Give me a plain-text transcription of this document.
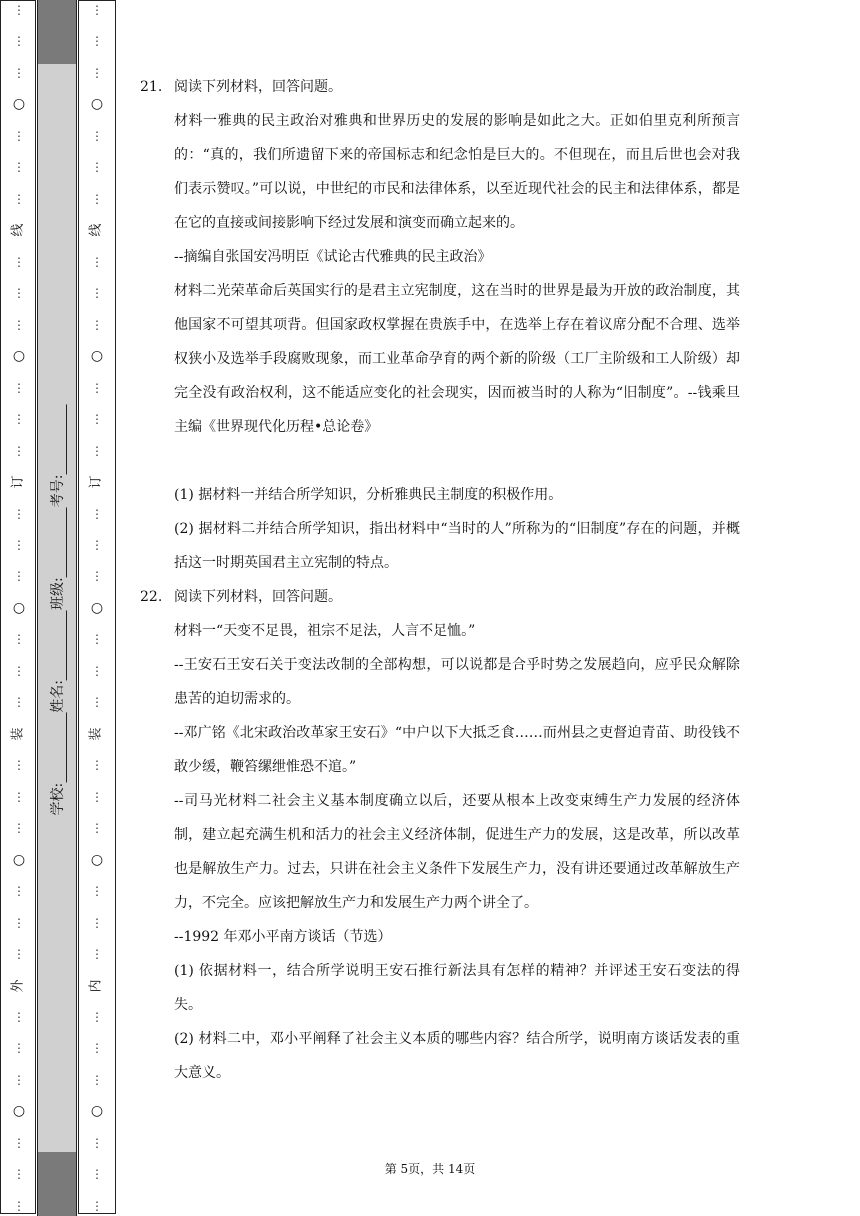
⋮
⋮
⋮
○
⋮
⋮
⋮
线
⋮
⋮
⋮
○
⋮
⋮
⋮
订
⋮
⋮
⋮
○
⋮
⋮
⋮
装
⋮
⋮
⋮
○
⋮
⋮
⋮
外
⋮
⋮
⋮
○
⋮
⋮
⋮
⋮
⋮
⋮
○
⋮
⋮
⋮
线
⋮
⋮
⋮
○
⋮
⋮
⋮
订
⋮
⋮
⋮
○
⋮
⋮
⋮
装
⋮
⋮
⋮
○
⋮
⋮
⋮
内
⋮
⋮
⋮
○
⋮
⋮
⋮
学校:
姓名:
班级:
考号:
21. 阅读下列材料，回答问题。
材料一雅典的民主政治对雅典和世界历史的发展的影响是如此之大。正如伯里克利所预言的：“真的，我们所遗留下来的帝国标志和纪念怕是巨大的。不但现在，而且后世也会对我们表示赞叹。”可以说，中世纪的市民和法律体系，以至近现代社会的民主和法律体系，都是在它的直接或间接影响下经过发展和演变而确立起来的。
--摘编自张国安冯明臣《试论古代雅典的民主政治》
材料二光荣革命后英国实行的是君主立宪制度，这在当时的世界是最为开放的政治制度，其他国家不可望其项背。但国家政权掌握在贵族手中，在选举上存在着议席分配不合理、选举权狭小及选举手段腐败现象，而工业革命孕育的两个新的阶级（工厂主阶级和工人阶级）却完全没有政治权利，这不能适应变化的社会现实，因而被当时的人称为“旧制度”。--钱乘旦主编《世界现代化历程•总论卷》
(1) 据材料一并结合所学知识，分析雅典民主制度的积极作用。
(2) 据材料二并结合所学知识，指出材料中“当时的人”所称为的“旧制度”存在的问题，并概括这一时期英国君主立宪制的特点。
22. 阅读下列材料，回答问题。
材料一“天变不足畏，祖宗不足法，人言不足恤。”
--王安石王安石关于变法改制的全部构想，可以说都是合乎时势之发展趋向，应乎民众解除患苦的迫切需求的。
--邓广铭《北宋政治改革家王安石》“中户以下大抵乏食……而州县之吏督迫青苗、助役钱不敢少缓，鞭笞缧绁惟恐不逭。”
--司马光材料二社会主义基本制度确立以后，还要从根本上改变束缚生产力发展的经济体制，建立起充满生机和活力的社会主义经济体制，促进生产力的发展，这是改革，所以改革也是解放生产力。过去，只讲在社会主义条件下发展生产力，没有讲还要通过改革解放生产力，不完全。应该把解放生产力和发展生产力两个讲全了。
--1992 年邓小平南方谈话（节选）
(1) 依据材料一，结合所学说明王安石推行新法具有怎样的精神？并评述王安石变法的得失。
(2) 材料二中，邓小平阐释了社会主义本质的哪些内容？结合所学，说明南方谈话发表的重大意义。
第 5页，共 14页
